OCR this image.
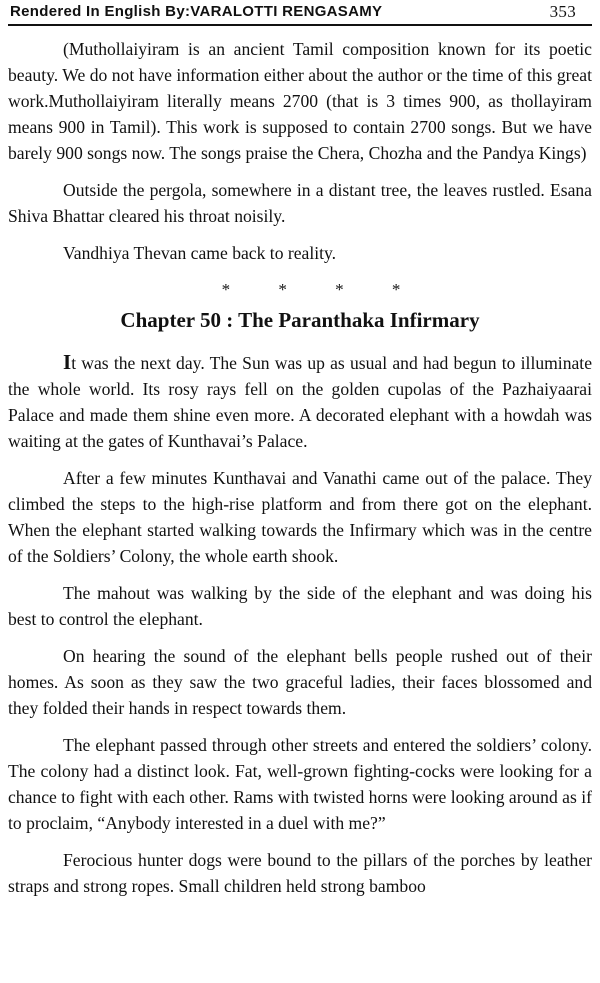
Rendered In English By:VARALOTTI RENGASAMY	353

(Muthollaiyiram is an ancient Tamil composition known for its poetic beauty. We do not have information either about the author or the time of this great work.Muthollaiyiram literally means 2700 (that is 3 times 900, as thollayiram means 900 in Tamil). This work is supposed to contain 2700 songs. But we have barely 900 songs now. The songs praise the Chera, Chozha and the Pandya Kings)

Outside the pergola, somewhere in a distant tree, the leaves rustled. Esana Shiva Bhattar cleared his throat noisily.

Vandhiya Thevan came back to reality.

* * * *
Chapter 50 : The Paranthaka Infirmary

It was the next day. The Sun was up as usual and had begun to illuminate the whole world. Its rosy rays fell on the golden cupolas of the Pazhaiyaarai Palace and made them shine even more. A decorated elephant with a howdah was waiting at the gates of Kunthavai’s Palace.

After a few minutes Kunthavai and Vanathi came out of the palace. They climbed the steps to the high-rise platform and from there got on the elephant. When the elephant started walking towards the Infirmary which was in the centre of the Soldiers’ Colony, the whole earth shook.

The mahout was walking by the side of the elephant and was doing his best to control the elephant.

On hearing the sound of the elephant bells people rushed out of their homes. As soon as they saw the two graceful ladies, their faces blossomed and they folded their hands in respect towards them.

The elephant passed through other streets and entered the soldiers’ colony. The colony had a distinct look. Fat, well-grown fighting-cocks were looking for a chance to fight with each other. Rams with twisted horns were looking around as if to proclaim, “Anybody interested in a duel with me?”

Ferocious hunter dogs were bound to the pillars of the porches by leather straps and strong ropes. Small children held strong bamboo
